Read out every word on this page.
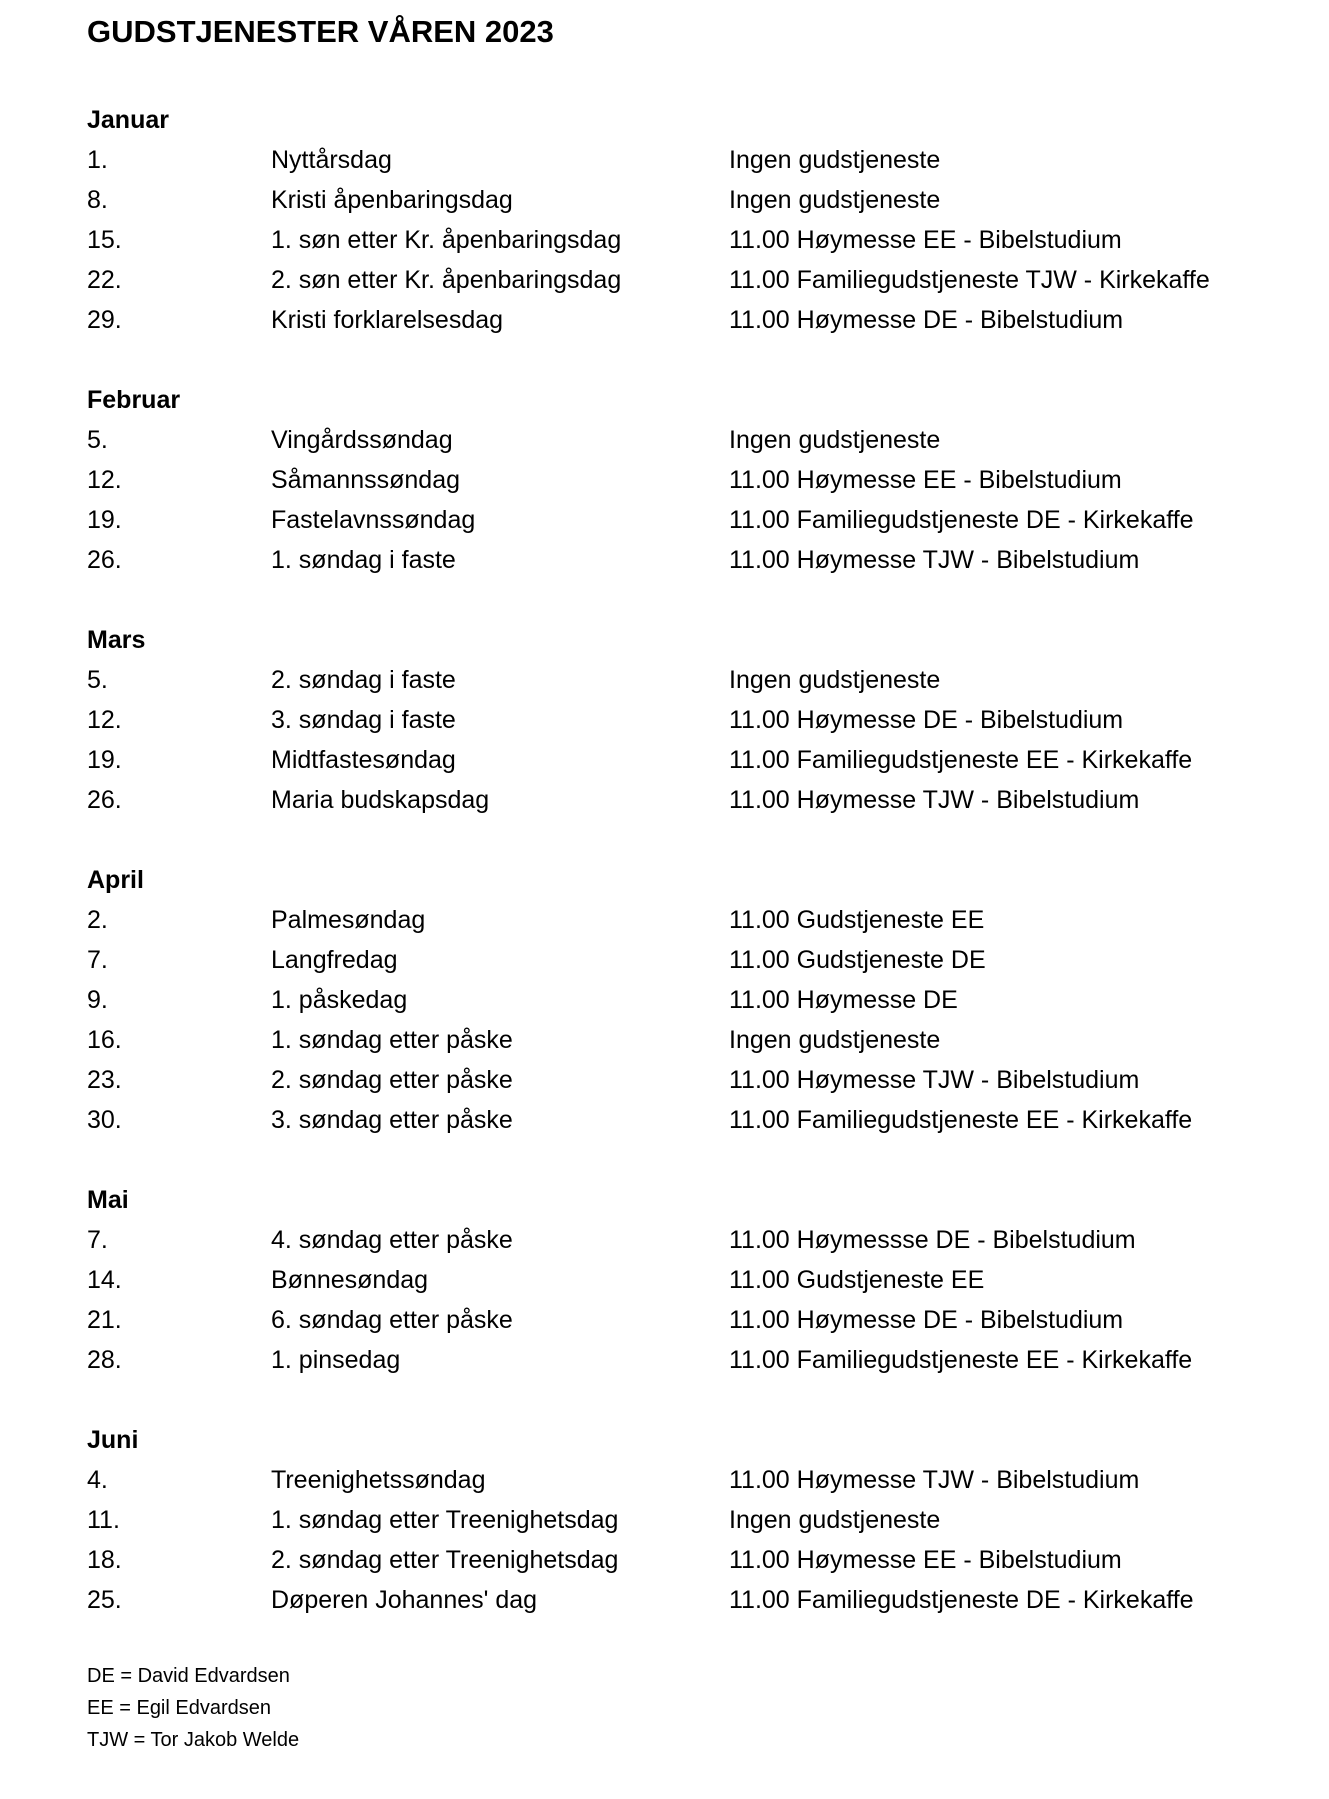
GUDSTJENESTER VÅREN 2023
Januar
1.	Nyttårsdag	Ingen gudstjeneste
8.	Kristi åpenbaringsdag	Ingen gudstjeneste
15.	1. søn etter Kr. åpenbaringsdag	11.00 Høymesse EE - Bibelstudium
22.	2. søn etter Kr. åpenbaringsdag	11.00 Familiegudstjeneste TJW - Kirkekaffe
29.	Kristi forklarelsesdag	11.00 Høymesse DE - Bibelstudium
Februar
5.	Vingårdssøndag	Ingen gudstjeneste
12.	Såmannssøndag	11.00 Høymesse EE - Bibelstudium
19.	Fastelavnssøndag	11.00 Familiegudstjeneste DE - Kirkekaffe
26.	1. søndag i faste	11.00 Høymesse TJW - Bibelstudium
Mars
5.	2. søndag i faste	Ingen gudstjeneste
12.	3. søndag i faste	11.00 Høymesse DE - Bibelstudium
19.	Midtfastesøndag	11.00 Familiegudstjeneste EE - Kirkekaffe
26.	Maria budskapsdag	11.00 Høymesse TJW - Bibelstudium
April
2.	Palmesøndag	11.00 Gudstjeneste EE
7.	Langfredag	11.00 Gudstjeneste DE
9.	1. påskedag	11.00 Høymesse DE
16.	1. søndag etter påske	Ingen gudstjeneste
23.	2. søndag etter påske	11.00 Høymesse TJW - Bibelstudium
30.	3. søndag etter påske	11.00 Familiegudstjeneste EE - Kirkekaffe
Mai
7.	4. søndag etter påske	11.00 Høymessse DE - Bibelstudium
14.	Bønnesøndag	11.00 Gudstjeneste EE
21.	6. søndag etter påske	11.00 Høymesse DE - Bibelstudium
28.	1. pinsedag	11.00 Familiegudstjeneste EE - Kirkekaffe
Juni
4.	Treenighetssøndag	11.00 Høymesse TJW - Bibelstudium
11.	1. søndag etter Treenighetsdag	Ingen gudstjeneste
18.	2. søndag etter Treenighetsdag	11.00 Høymesse EE - Bibelstudium
25.	Døperen Johannes' dag	11.00 Familiegudstjeneste DE - Kirkekaffe
DE = David Edvardsen
EE = Egil Edvardsen
TJW = Tor Jakob Welde
